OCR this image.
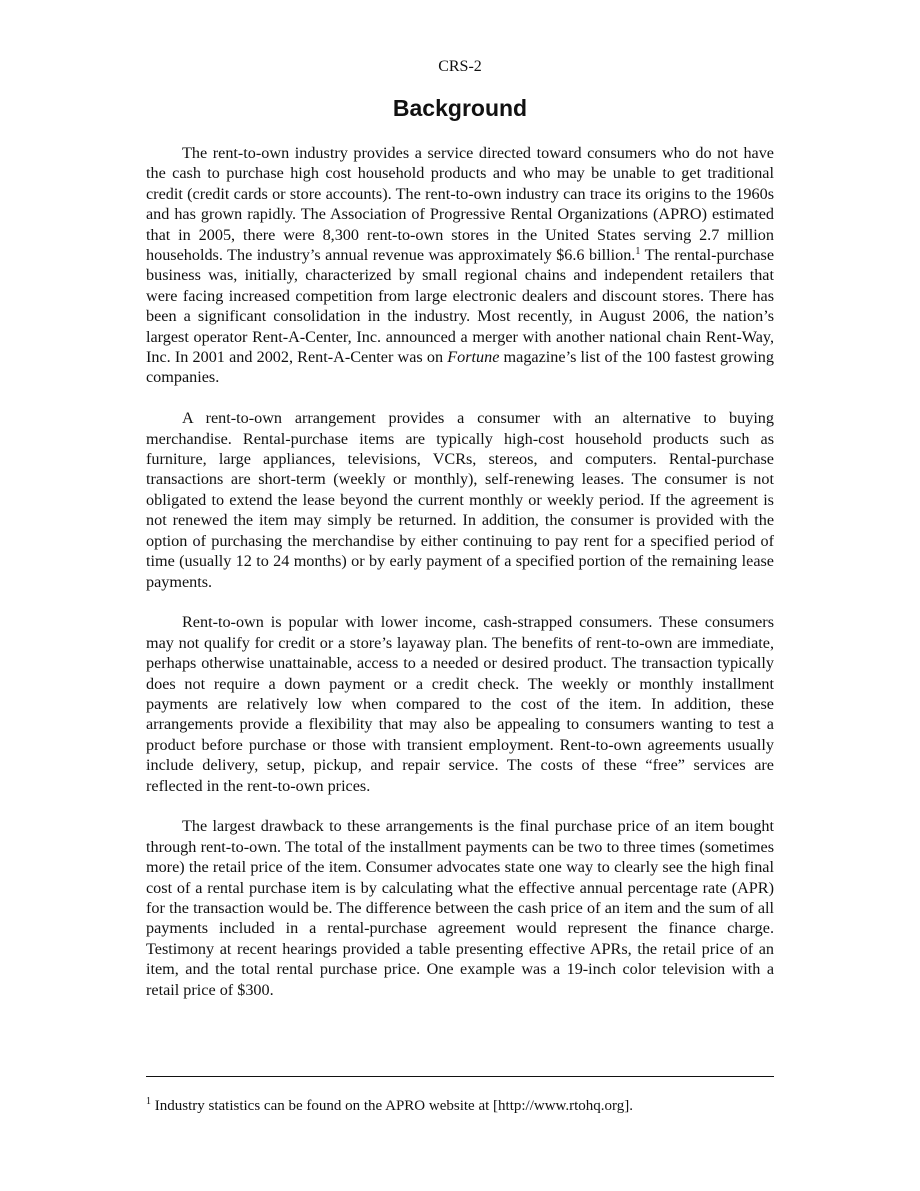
CRS-2
Background

The rent-to-own industry provides a service directed toward consumers who do not have the cash to purchase high cost household products and who may be unable to get traditional credit (credit cards or store accounts). The rent-to-own industry can trace its origins to the 1960s and has grown rapidly. The Association of Progressive Rental Organizations (APRO) estimated that in 2005, there were 8,300 rent-to-own stores in the United States serving 2.7 million households. The industry’s annual revenue was approximately $6.6 billion.$^1$ The rental-purchase business was, initially, characterized by small regional chains and independent retailers that were facing increased competition from large electronic dealers and discount stores. There has been a significant consolidation in the industry. Most recently, in August 2006, the nation’s largest operator Rent-A-Center, Inc. announced a merger with another national chain Rent-Way, Inc. In 2001 and 2002, Rent-A-Center was on Fortune magazine’s list of the 100 fastest growing companies.

A rent-to-own arrangement provides a consumer with an alternative to buying merchandise. Rental-purchase items are typically high-cost household products such as furniture, large appliances, televisions, VCRs, stereos, and computers. Rental-purchase transactions are short-term (weekly or monthly), self-renewing leases. The consumer is not obligated to extend the lease beyond the current monthly or weekly period. If the agreement is not renewed the item may simply be returned. In addition, the consumer is provided with the option of purchasing the merchandise by either continuing to pay rent for a specified period of time (usually 12 to 24 months) or by early payment of a specified portion of the remaining lease payments.

Rent-to-own is popular with lower income, cash-strapped consumers. These consumers may not qualify for credit or a store’s layaway plan. The benefits of rent-to-own are immediate, perhaps otherwise unattainable, access to a needed or desired product. The transaction typically does not require a down payment or a credit check. The weekly or monthly installment payments are relatively low when compared to the cost of the item. In addition, these arrangements provide a flexibility that may also be appealing to consumers wanting to test a product before purchase or those with transient employment. Rent-to-own agreements usually include delivery, setup, pickup, and repair service. The costs of these “free” services are reflected in the rent-to-own prices.

The largest drawback to these arrangements is the final purchase price of an item bought through rent-to-own. The total of the installment payments can be two to three times (sometimes more) the retail price of the item. Consumer advocates state one way to clearly see the high final cost of a rental purchase item is by calculating what the effective annual percentage rate (APR) for the transaction would be. The difference between the cash price of an item and the sum of all payments included in a rental-purchase agreement would represent the finance charge. Testimony at recent hearings provided a table presenting effective APRs, the retail price of an item, and the total rental purchase price. One example was a 19-inch color television with a retail price of $300.

$^1$ Industry statistics can be found on the APRO website at [http://www.rtohq.org].
